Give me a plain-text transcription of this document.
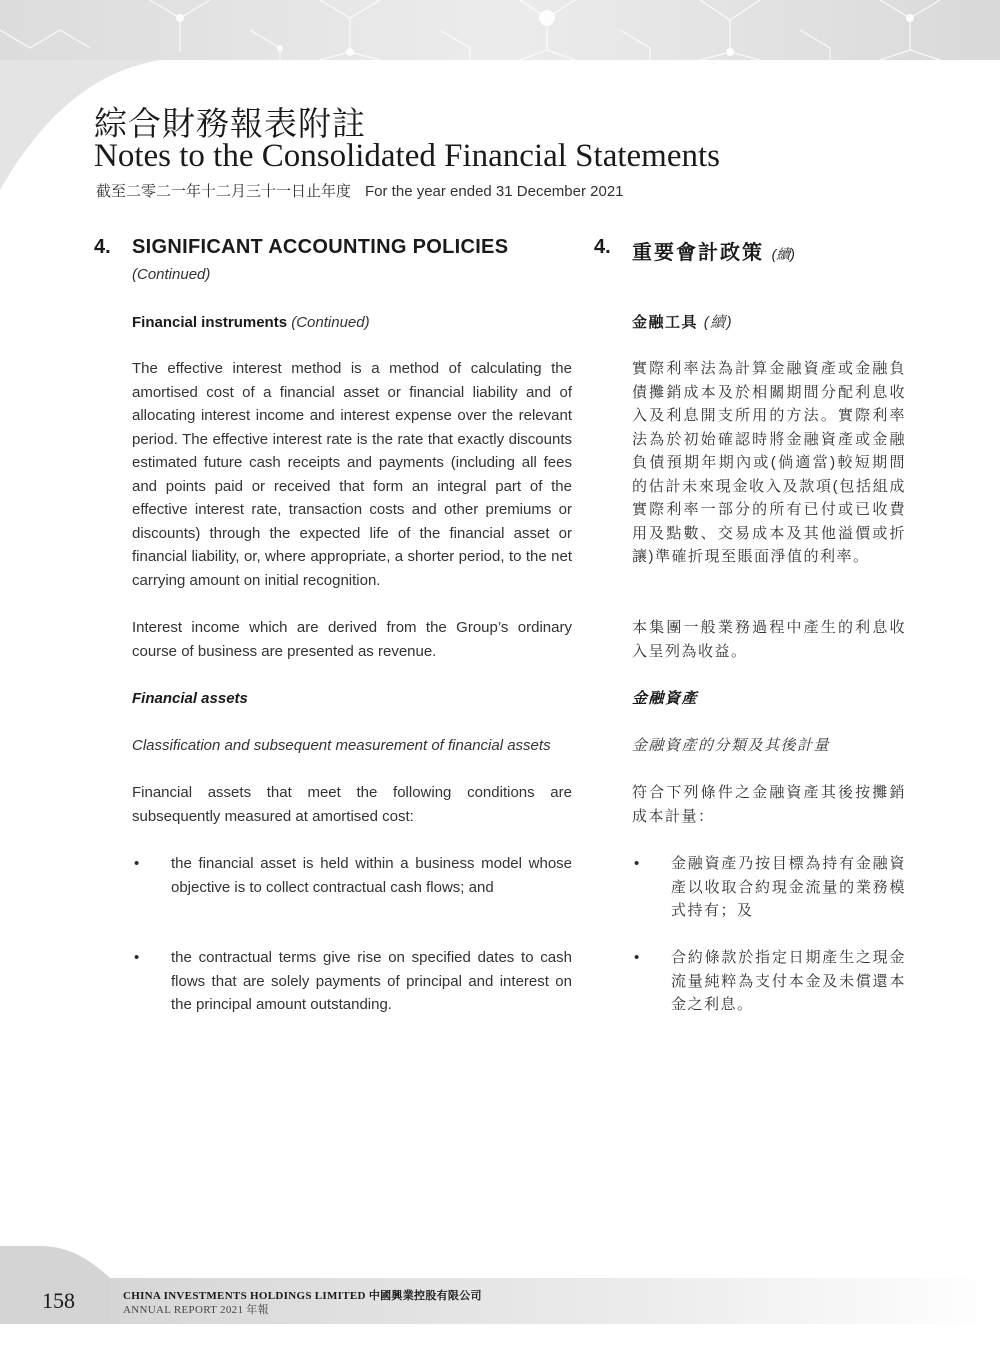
綜合財務報表附註
Notes to the Consolidated Financial Statements
截至二零二一年十二月三十一日止年度 For the year ended 31 December 2021
4. SIGNIFICANT ACCOUNTING POLICIES
(Continued)
Financial instruments (Continued)
The effective interest method is a method of calculating the amortised cost of a financial asset or financial liability and of allocating interest income and interest expense over the relevant period. The effective interest rate is the rate that exactly discounts estimated future cash receipts and payments (including all fees and points paid or received that form an integral part of the effective interest rate, transaction costs and other premiums or discounts) through the expected life of the financial asset or financial liability, or, where appropriate, a shorter period, to the net carrying amount on initial recognition.
Interest income which are derived from the Group’s ordinary course of business are presented as revenue.
Financial assets
Classification and subsequent measurement of financial assets
Financial assets that meet the following conditions are subsequently measured at amortised cost:
• the financial asset is held within a business model whose objective is to collect contractual cash flows; and
• the contractual terms give rise on specified dates to cash flows that are solely payments of principal and interest on the principal amount outstanding.
4. 重要會計政策 (續)
金融工具 (續)
實際利率法為計算金融資產或金融負債攤銷成本及於相關期間分配利息收入及利息開支所用的方法。實際利率法為於初始確認時將金融資產或金融負債預期年期內或(倘適當)較短期間的估計未來現金收入及款項(包括組成實際利率一部分的所有已付或已收費用及點數、交易成本及其他溢價或折讓)準確折現至賬面淨值的利率。
本集團一般業務過程中產生的利息收入呈列為收益。
金融資產
金融資產的分類及其後計量
符合下列條件之金融資產其後按攤銷成本計量：
• 金融資產乃按目標為持有金融資產以收取合約現金流量的業務模式持有；及
• 合約條款於指定日期產生之現金流量純粹為支付本金及未償還本金之利息。
158	CHINA INVESTMENTS HOLDINGS LIMITED 中國興業控股有限公司
ANNUAL REPORT 2021 年報
